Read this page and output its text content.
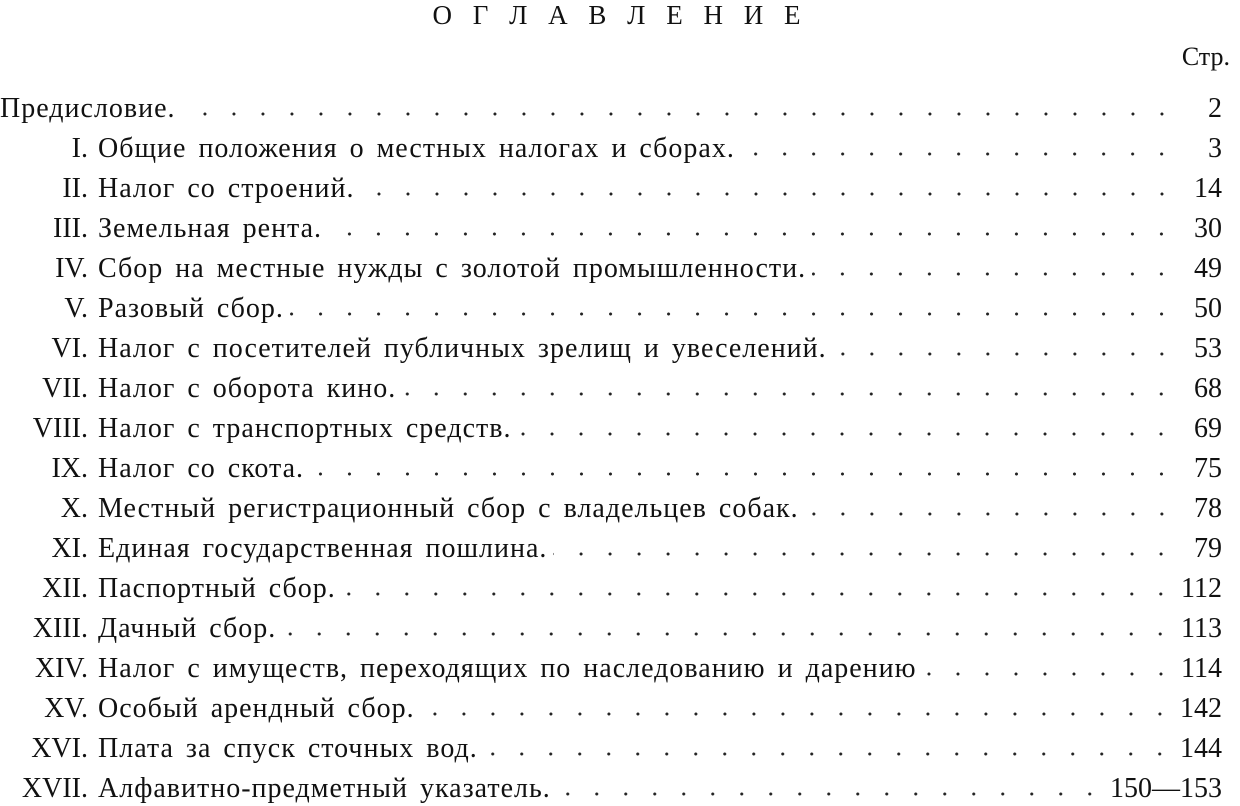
О Г Л А В Л Е Н И Е
Стр.
Предисловие.	2
I. Общие положения о местных налогах и сборах.	3
II. Налог со строений.	14
III. Земельная рента.	30
IV. Сбор на местные нужды с золотой промышленности.	49
V. Разовый сбор.	50
VI. Налог с посетителей публичных зрелищ и увеселений.	53
VII. Налог с оборота кино.	68
VIII. Налог с транспортных средств.	69
IX. Налог со скота.	75
X. Местный регистрационный сбор с владельцев собак.	78
XI. Единая государственная пошлина.	79
XII. Паспортный сбор.	112
XIII. Дачный сбор.	113
XIV. Налог с имуществ, переходящих по наследованию и дарению	114
XV. Особый арендный сбор.	142
XVI. Плата за спуск сточных вод.	144
XVII. Алфавитно-предметный указатель.	150—153
